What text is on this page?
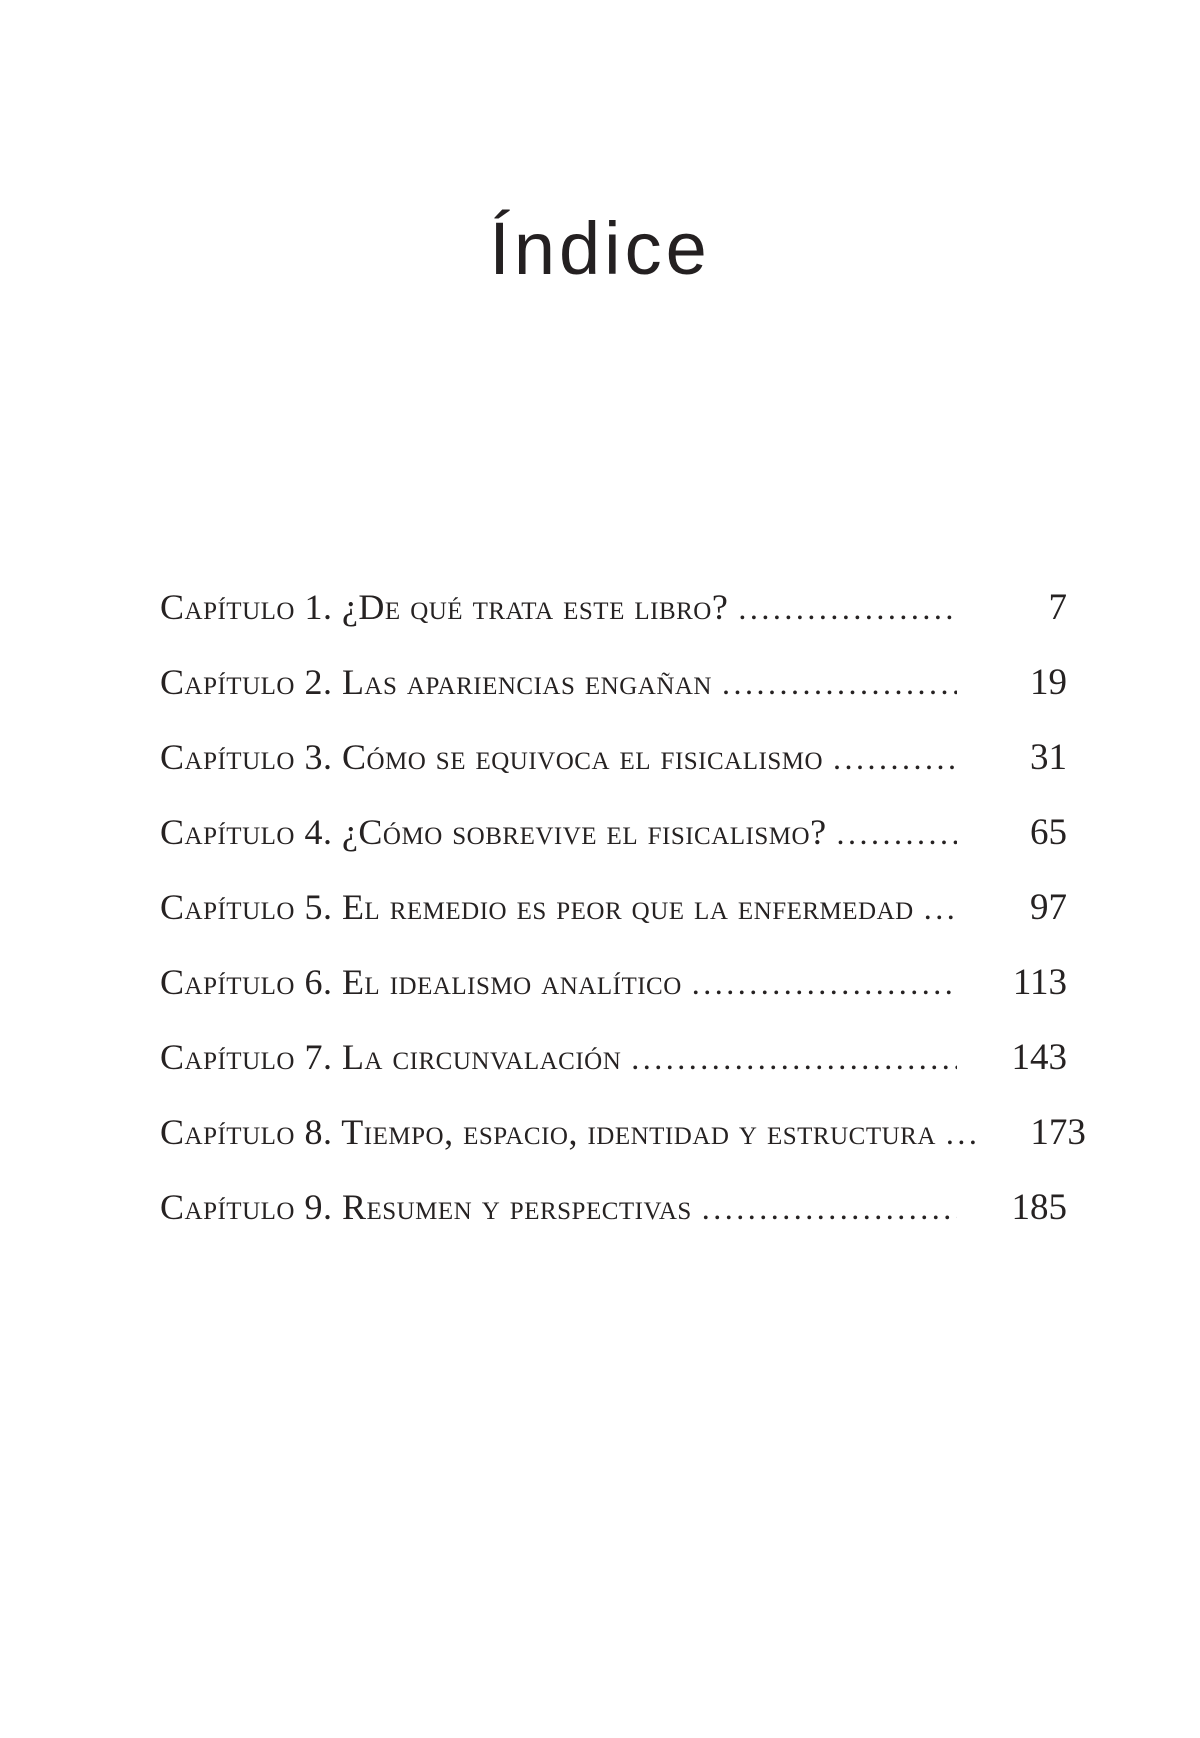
Índice
Capítulo 1. ¿De qué trata este libro? .....	7
Capítulo 2. Las apariencias engañan .....	19
Capítulo 3. Cómo se equivoca el fisicalismo .....	31
Capítulo 4. ¿Cómo sobrevive el fisicalismo? .....	65
Capítulo 5. El remedio es peor que la enfermedad .....	97
Capítulo 6. El idealismo analítico .....	113
Capítulo 7. La circunvalación .....	143
Capítulo 8. Tiempo, espacio, identidad y estructura .....	173
Capítulo 9. Resumen y perspectivas .....	185
